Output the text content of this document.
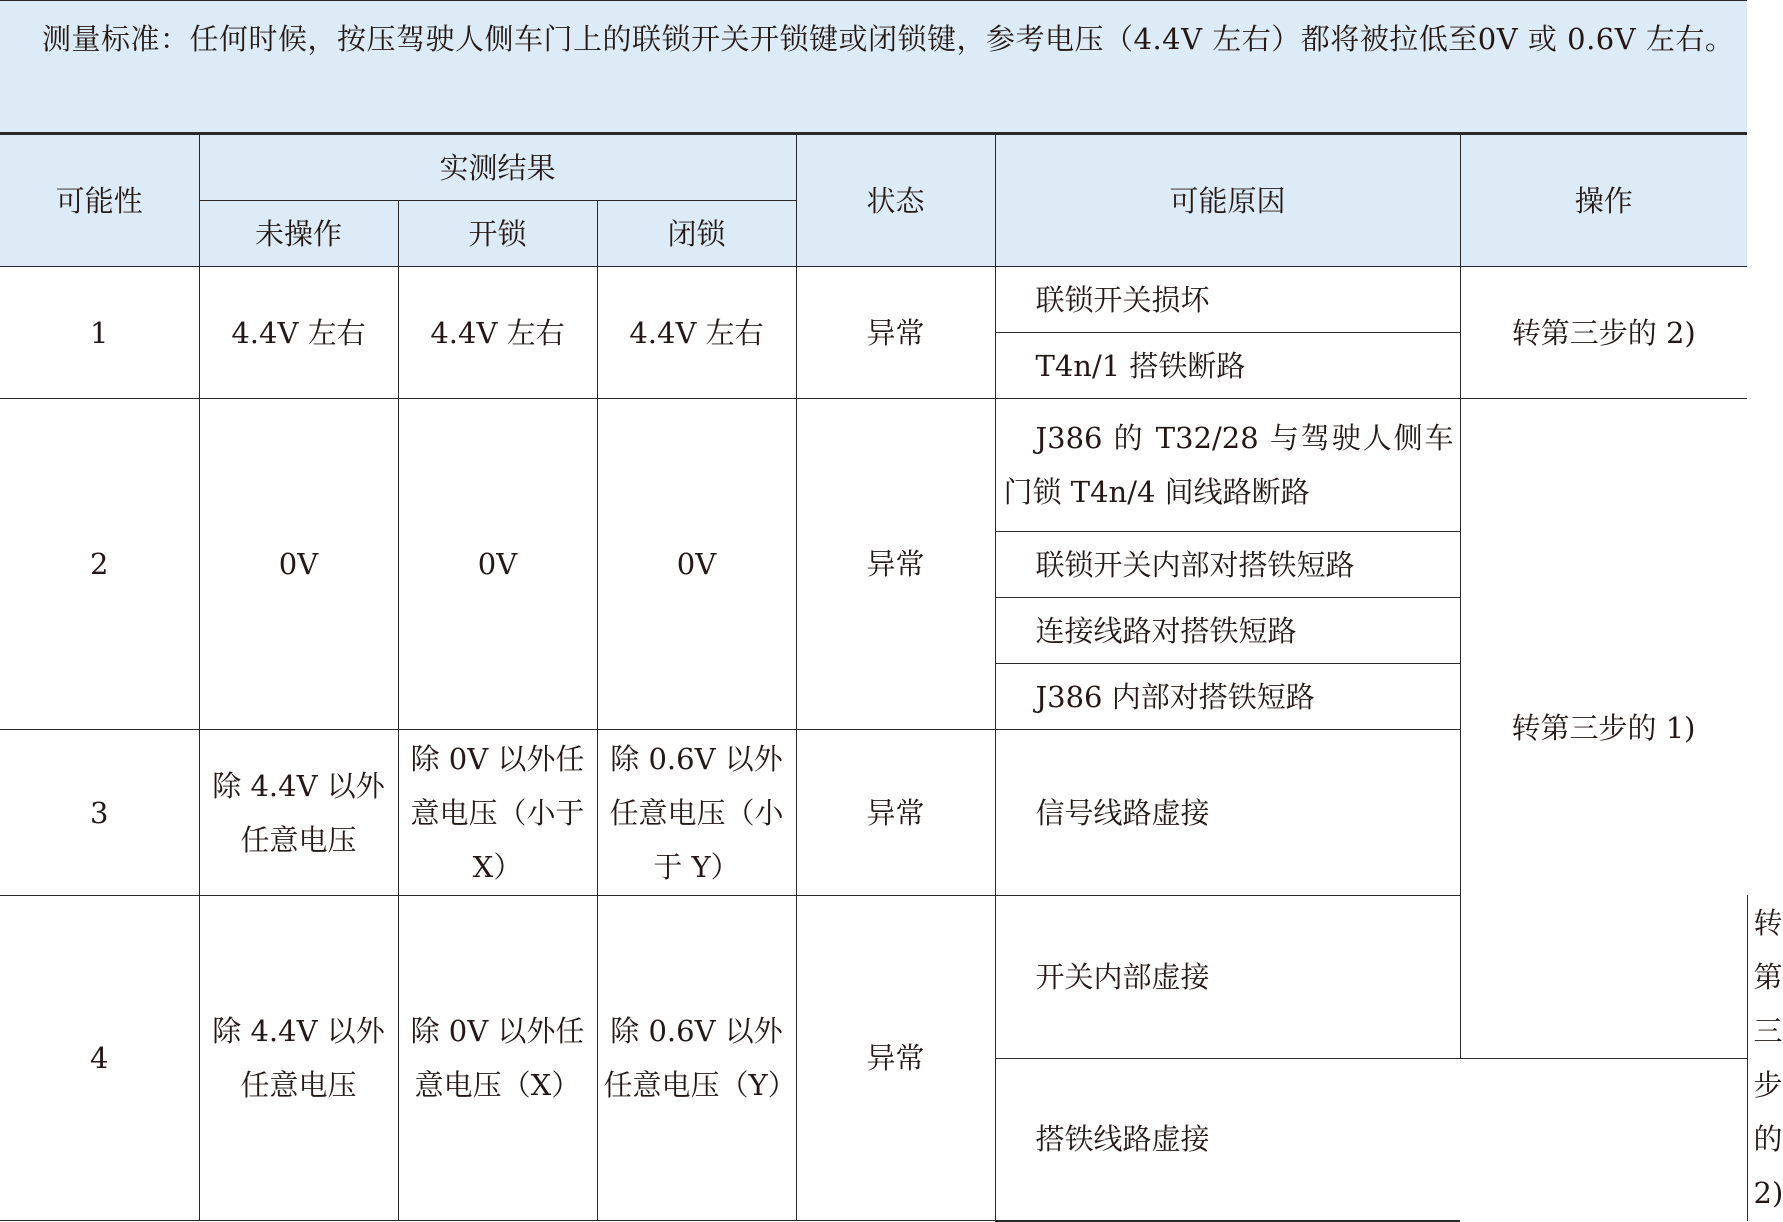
测量标准：任何时候，按压驾驶人侧车门上的联锁开关开锁键或闭锁键，参考电压（4.4V 左右）都将被拉低至0V 或 0.6V 左右。
可能性	实测结果			状态	可能原因	操作	
	未操作	开锁	闭锁				
1	4.4V 左右	4.4V 左右	4.4V 左右	异常	联锁开关损坏	转第三步的 2)	
					T4n/1 搭铁断路		
2	0V	0V	0V	异常	J386 的 T32/28 与驾驶人侧车门锁 T4n/4 间线路断路	转第三步的 1)	
					联锁开关内部对搭铁短路		
					连接线路对搭铁短路		
					J386 内部对搭铁短路		
3	除 4.4V 以外任意电压	除 0V 以外任意电压（小于 X）	除 0.6V 以外任意电压（小于 Y）	异常	信号线路虚接		
4	除 4.4V 以外任意电压	除 0V 以外任意电压（X）	除 0.6V 以外任意电压（Y）	异常	开关内部虚接		转第三步的 2)
					搭铁线路虚接		
